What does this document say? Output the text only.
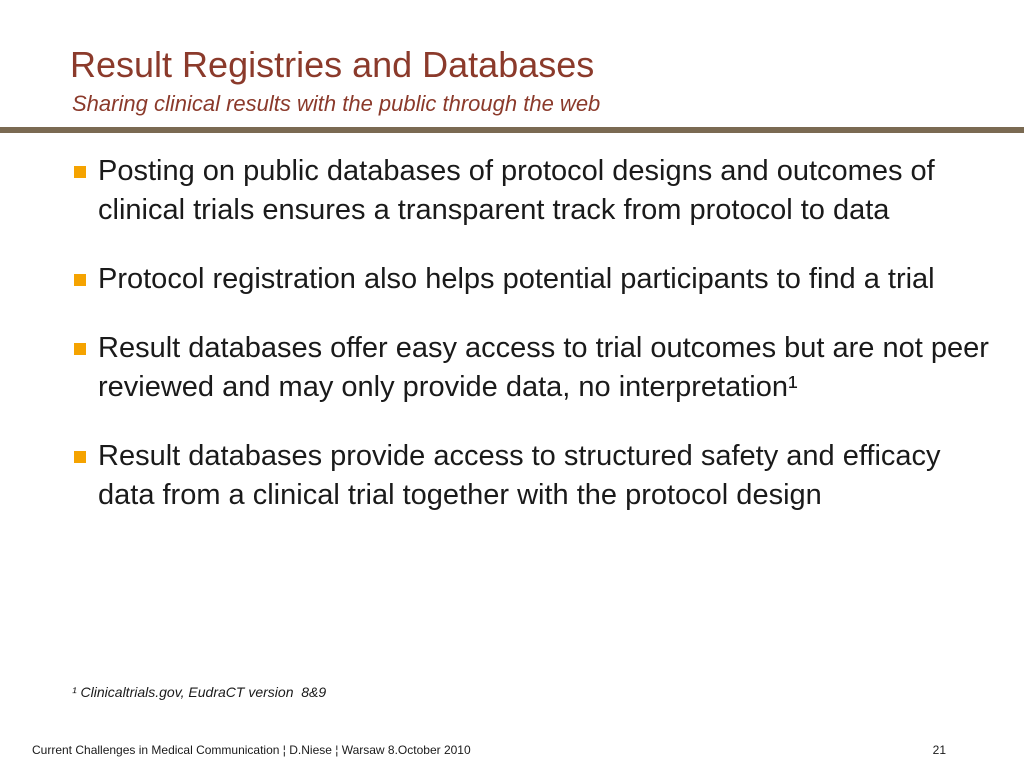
Result Registries and Databases
Sharing clinical results with the public through the web
Posting on public databases of protocol designs and outcomes of clinical trials ensures a transparent track from protocol to data
Protocol registration also helps potential participants to find a trial
Result databases offer easy access to trial outcomes but are not peer reviewed and may only provide data, no interpretation¹
Result databases provide access to structured safety and efficacy data from a clinical trial together with the protocol design
¹ Clinicaltrials.gov, EudraCT version  8&9
Current Challenges in Medical Communication ¦ D.Niese ¦ Warsaw 8.October 2010	21
